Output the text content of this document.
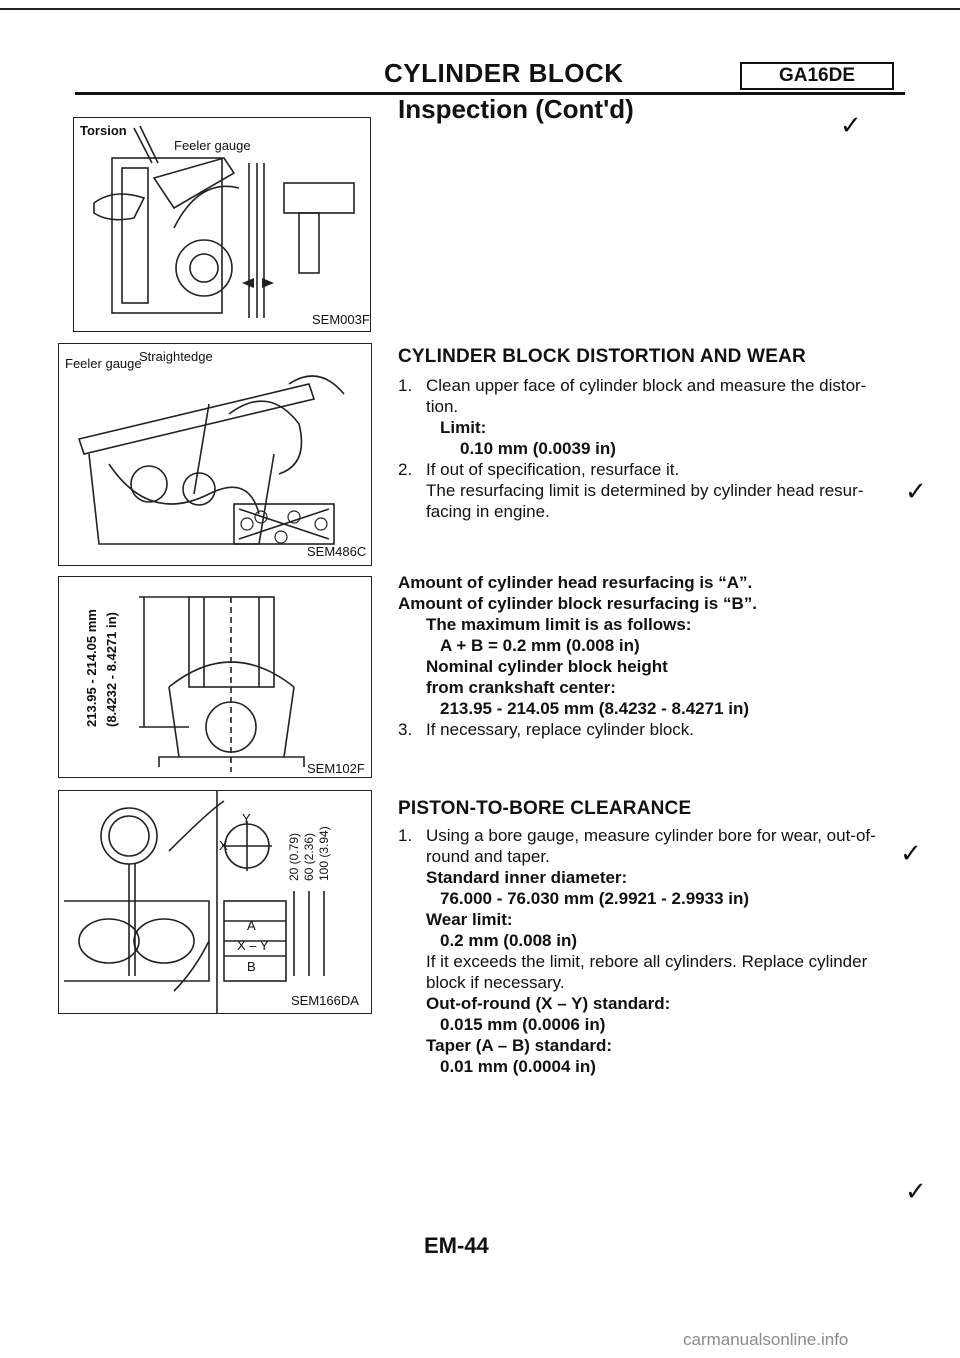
CYLINDER BLOCK	GA16DE
Inspection (Cont'd)
✓
Torsion
Feeler gauge
SEM003F
Feeler gauge
Straightedge
SEM486C
213.95 - 214.05 mm (8.4232 - 8.4271 in)
SEM102F
Y
X
A
X – Y
B
20 (0.79) 60 (2.36) 100 (3.94)
SEM166DA
CYLINDER BLOCK DISTORTION AND WEAR
1. Clean upper face of cylinder block and measure the distor-
tion.
Limit:
0.10 mm (0.0039 in)
2. If out of specification, resurface it.
The resurfacing limit is determined by cylinder head resur-
facing in engine.
✓
Amount of cylinder head resurfacing is “A”.
Amount of cylinder block resurfacing is “B”.
The maximum limit is as follows:
A + B = 0.2 mm (0.008 in)
Nominal cylinder block height
from crankshaft center:
213.95 - 214.05 mm (8.4232 - 8.4271 in)
3. If necessary, replace cylinder block.
PISTON-TO-BORE CLEARANCE
1. Using a bore gauge, measure cylinder bore for wear, out-of-
round and taper.
Standard inner diameter:
76.000 - 76.030 mm (2.9921 - 2.9933 in)
Wear limit:
0.2 mm (0.008 in)
If it exceeds the limit, rebore all cylinders. Replace cylinder
block if necessary.
Out-of-round (X – Y) standard:
0.015 mm (0.0006 in)
Taper (A – B) standard:
0.01 mm (0.0004 in)
✓
✓
EM-44
carmanualsonline.info
